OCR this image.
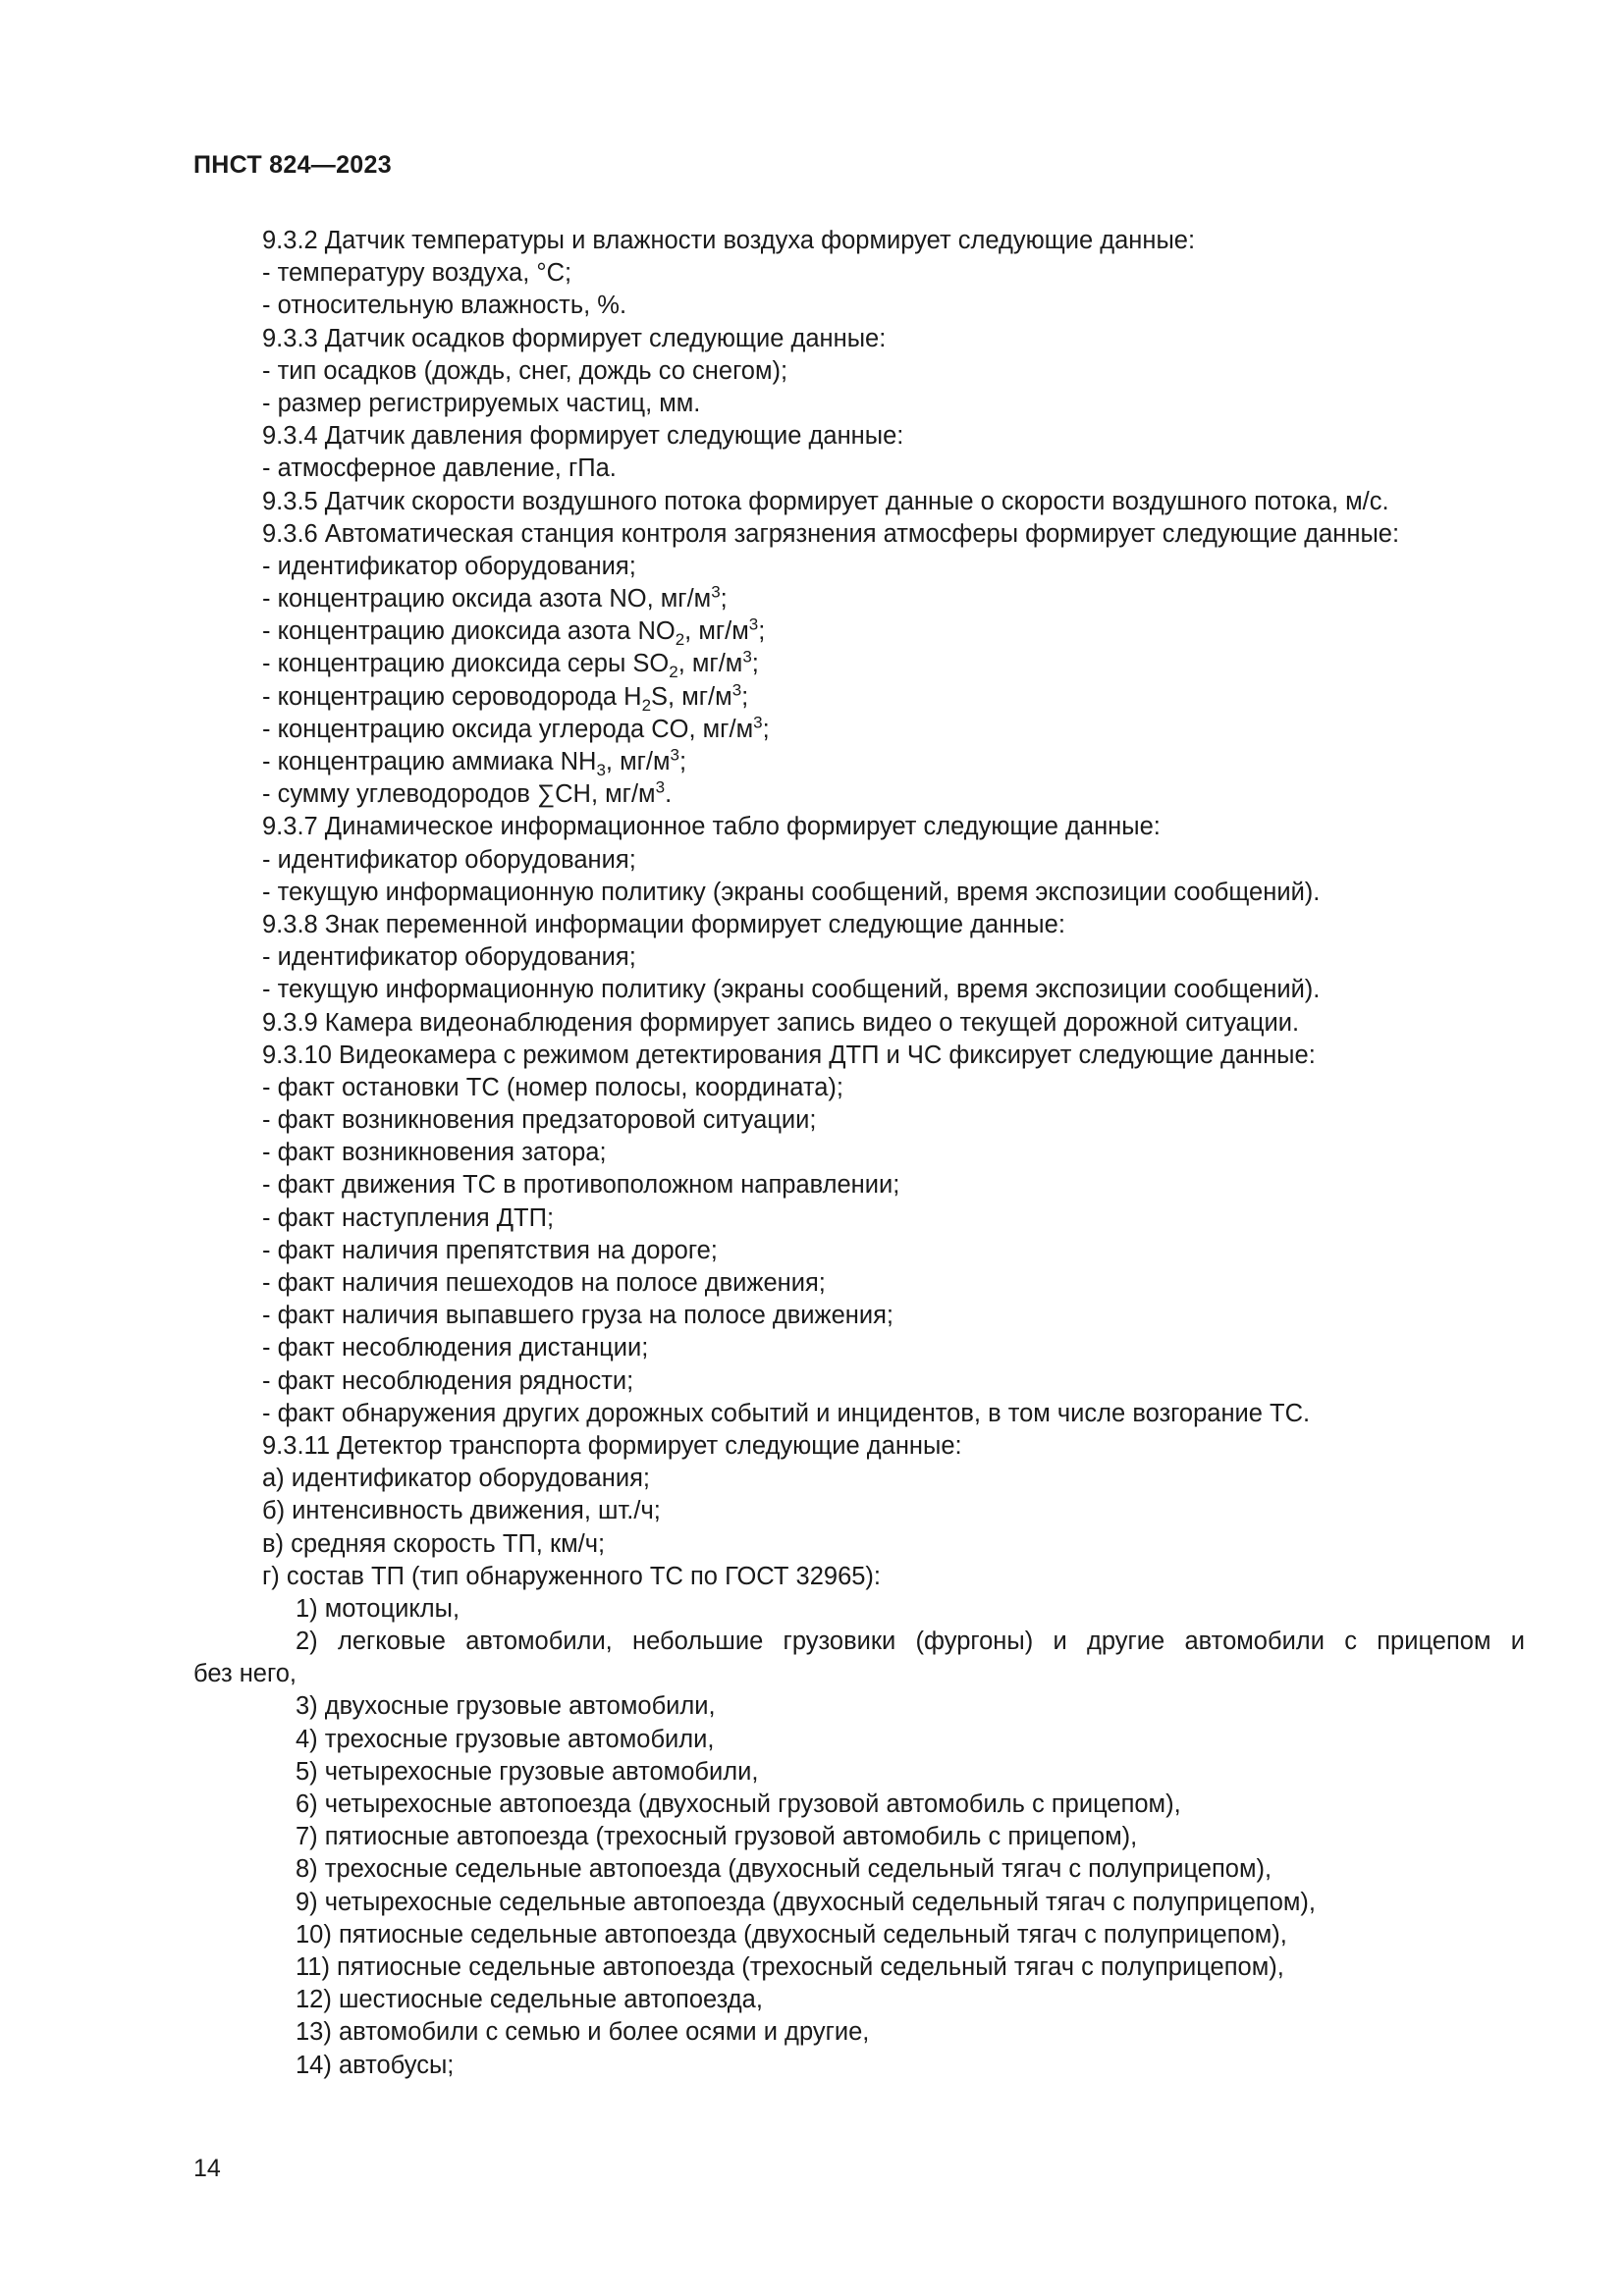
ПНСТ 824—2023
9.3.2 Датчик температуры и влажности воздуха формирует следующие данные:
- температуру воздуха, °С;
- относительную влажность, %.
9.3.3 Датчик осадков формирует следующие данные:
- тип осадков (дождь, снег, дождь со снегом);
- размер регистрируемых частиц, мм.
9.3.4 Датчик давления формирует следующие данные:
- атмосферное давление, гПа.
9.3.5 Датчик скорости воздушного потока формирует данные о скорости воздушного потока, м/с.
9.3.6 Автоматическая станция контроля загрязнения атмосферы формирует следующие данные:
- идентификатор оборудования;
- концентрацию оксида азота NO, $мг/м^3$;
- концентрацию диоксида азота $NO_2$, $мг/м^3$;
- концентрацию диоксида серы $SO_2$, $мг/м^3$;
- концентрацию сероводорода $H_2S$, $мг/м^3$;
- концентрацию оксида углерода CO, $мг/м^3$;
- концентрацию аммиака $NH_3$, $мг/м^3$;
- сумму углеводородов ∑CH, $мг/м^3$.
9.3.7 Динамическое информационное табло формирует следующие данные:
- идентификатор оборудования;
- текущую информационную политику (экраны сообщений, время экспозиции сообщений).
9.3.8 Знак переменной информации формирует следующие данные:
- идентификатор оборудования;
- текущую информационную политику (экраны сообщений, время экспозиции сообщений).
9.3.9 Камера видеонаблюдения формирует запись видео о текущей дорожной ситуации.
9.3.10 Видеокамера с режимом детектирования ДТП и ЧС фиксирует следующие данные:
- факт остановки ТС (номер полосы, координата);
- факт возникновения предзаторовой ситуации;
- факт возникновения затора;
- факт движения ТС в противоположном направлении;
- факт наступления ДТП;
- факт наличия препятствия на дороге;
- факт наличия пешеходов на полосе движения;
- факт наличия выпавшего груза на полосе движения;
- факт несоблюдения дистанции;
- факт несоблюдения рядности;
- факт обнаружения других дорожных событий и инцидентов, в том числе возгорание ТС.
9.3.11 Детектор транспорта формирует следующие данные:
а) идентификатор оборудования;
б) интенсивность движения, шт./ч;
в) средняя скорость ТП, км/ч;
г) состав ТП (тип обнаруженного ТС по ГОСТ 32965):
1) мотоциклы,
2) легковые автомобили, небольшие грузовики (фургоны) и другие автомобили с прицепом и
без него,
3) двухосные грузовые автомобили,
4) трехосные грузовые автомобили,
5) четырехосные грузовые автомобили,
6) четырехосные автопоезда (двухосный грузовой автомобиль с прицепом),
7) пятиосные автопоезда (трехосный грузовой автомобиль с прицепом),
8) трехосные седельные автопоезда (двухосный седельный тягач с полуприцепом),
9) четырехосные седельные автопоезда (двухосный седельный тягач с полуприцепом),
10) пятиосные седельные автопоезда (двухосный седельный тягач с полуприцепом),
11) пятиосные седельные автопоезда (трехосный седельный тягач с полуприцепом),
12) шестиосные седельные автопоезда,
13) автомобили с семью и более осями и другие,
14) автобусы;
14
